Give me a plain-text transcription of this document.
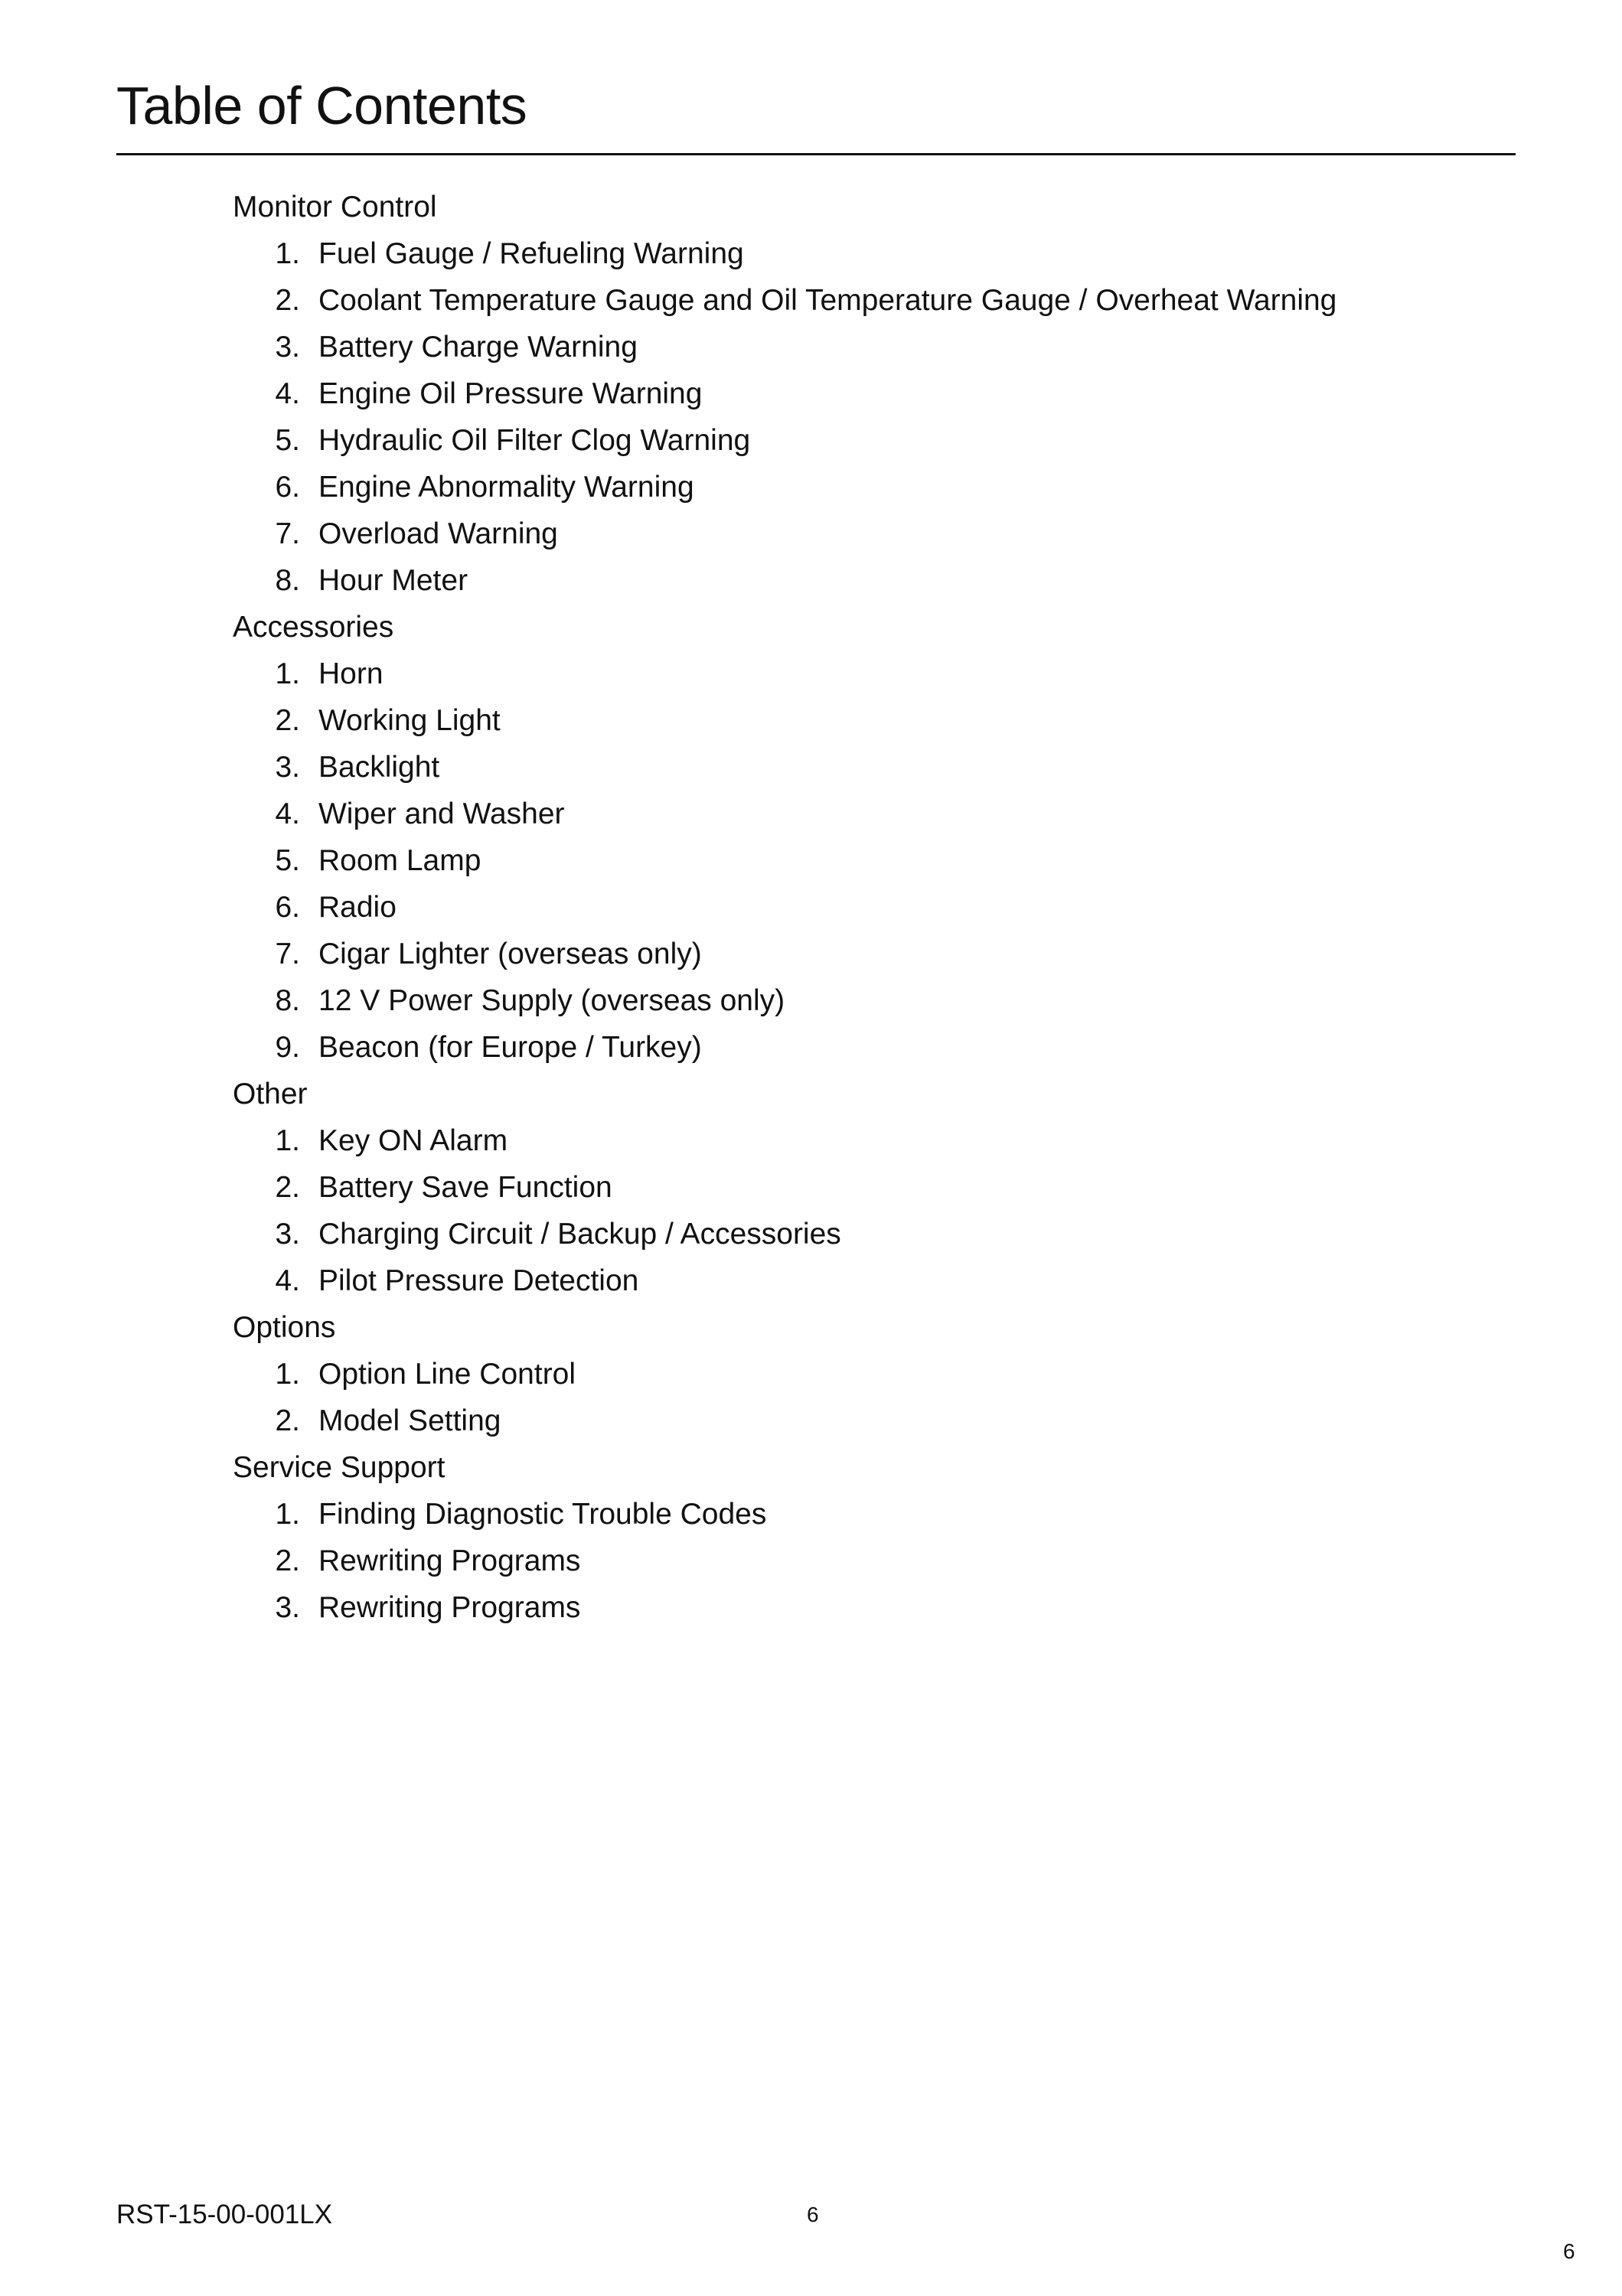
Table of Contents
Monitor Control
1. Fuel Gauge / Refueling Warning
2. Coolant Temperature Gauge and Oil Temperature Gauge / Overheat Warning
3. Battery Charge Warning
4. Engine Oil Pressure Warning
5. Hydraulic Oil Filter Clog Warning
6. Engine Abnormality Warning
7. Overload Warning
8. Hour Meter
Accessories
1. Horn
2. Working Light
3. Backlight
4. Wiper and Washer
5. Room Lamp
6. Radio
7. Cigar Lighter (overseas only)
8. 12 V Power Supply (overseas only)
9. Beacon (for Europe / Turkey)
Other
1. Key ON Alarm
2. Battery Save Function
3. Charging Circuit / Backup / Accessories
4. Pilot Pressure Detection
Options
1. Option Line Control
2. Model Setting
Service Support
1. Finding Diagnostic Trouble Codes
2. Rewriting Programs
3. Rewriting Programs
RST-15-00-001LX	6
6
